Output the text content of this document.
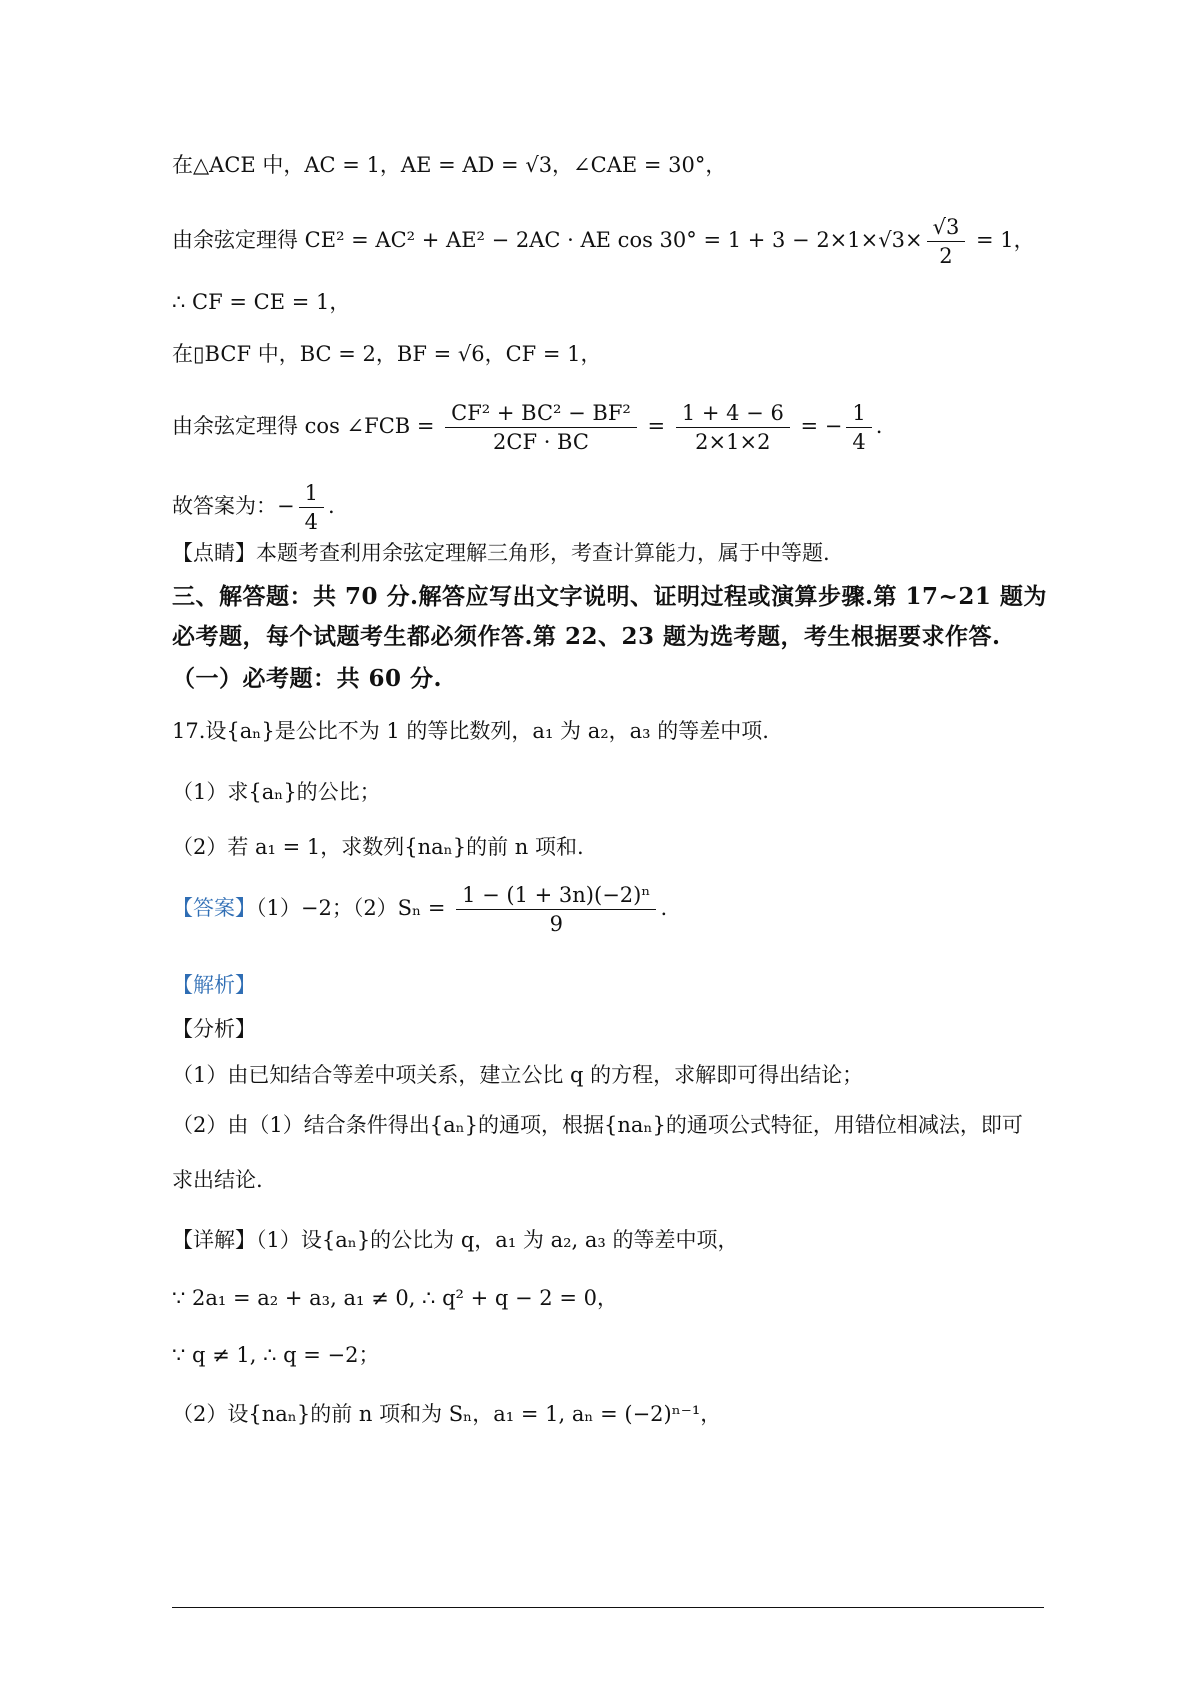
在△ACE 中，AC = 1，AE = AD = √3，∠CAE = 30°，
由余弦定理得 CE² = AC² + AE² − 2AC · AE $\cos 30^\circ = 1 + 3 - 2\times 1\times√3\times \frac{√3}{2} = 1$，
∴ CF = CE = 1，
在▯BCF 中，BC = 2，BF = √6，CF = 1，
由余弦定理得 cos ∠FCB = $\frac{\text{CF² + BC² − BF²}}{2CF \cdot BC} = \frac{1 + 4 - 6}{2\times 1\times 2}$ = − $\frac{1}{4}$ .
故答案为：− $\frac{1}{4}$ .
【点睛】本题考查利用余弦定理解三角形，考查计算能力，属于中等题.
三、解答题：共 70 分.解答应写出文字说明、证明过程或演算步骤.第 17~21 题为
必考题，每个试题考生都必须作答.第 22、23 题为选考题，考生根据要求作答.
（一）必考题：共 60 分.
17.设{aₙ}是公比不为 1 的等比数列，a₁ 为 a₂，a₃ 的等差中项.
（1）求{aₙ}的公比；
（2）若 a₁ = 1，求数列{naₙ}的前 n 项和.
【答案】（1）−2；$(2)S_n = \frac{\text{1 − (1 + 3n)(−2)ⁿ}}{9}$ .
【解析】
【分析】
（1）由已知结合等差中项关系，建立公比 q 的方程，求解即可得出结论；
（2）由（1）结合条件得出{aₙ}的通项，根据{naₙ}的通项公式特征，用错位相减法，即可
求出结论.
【详解】（1）设{aₙ}的公比为 q，a₁ 为 a₂, a₃ 的等差中项，
∵ 2a₁ = a₂ + a₃, a₁ ≠ 0, ∴ q² + q − 2 = 0，
∵ q ≠ 1, ∴ q = −2；
（2）设{naₙ}的前 n 项和为 Sₙ，a₁ = 1, aₙ = (−2)ⁿ⁻¹，
